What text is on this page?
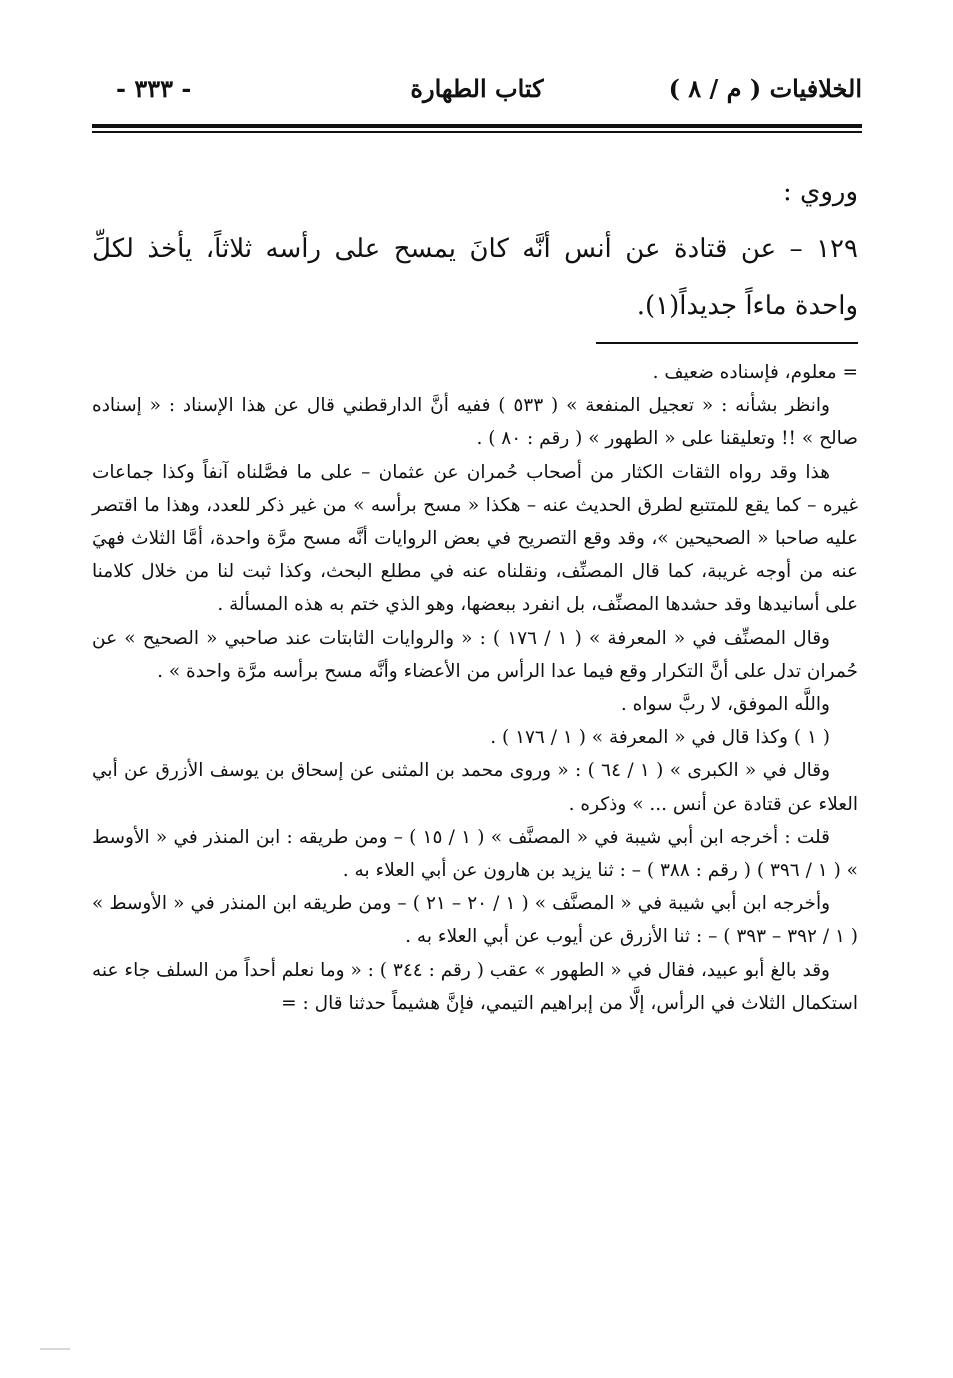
الخلافيات ( م / ٨ )
كتاب الطهارة
- ٣٣٣ -

وروي :

١٢٩ – عن قتادة عن أنس أنَّه كانَ يمسح على رأسه ثلاثاً، يأخذ لكلِّ واحدة ماءاً جديداً(١).

= معلوم، فإسناده ضعيف .

وانظر بشأنه : « تعجيل المنفعة » ( ٥٣٣ ) ففيه أنَّ الدارقطني قال عن هذا الإسناد : « إسناده صالح » !! وتعليقنا على « الطهور » ( رقم : ٨٠ ) .

هذا وقد رواه الثقات الكثار من أصحاب حُمران عن عثمان – على ما فصَّلناه آنفاً وكذا جماعات غيره – كما يقع للمتتبع لطرق الحديث عنه – هكذا « مسح برأسه » من غير ذكر للعدد، وهذا ما اقتصر عليه صاحبا « الصحيحين »، وقد وقع التصريح في بعض الروايات أنَّه مسح مرَّة واحدة، أمَّا الثلاث فهيَ عنه من أوجه غريبة، كما قال المصنِّف، ونقلناه عنه في مطلع البحث، وكذا ثبت لنا من خلال كلامنا على أسانيدها وقد حشدها المصنِّف، بل انفرد ببعضها، وهو الذي ختم به هذه المسألة .

وقال المصنِّف في « المعرفة » ( ١ / ١٧٦ ) : « والروايات الثابتات عند صاحبي « الصحيح » عن حُمران تدل على أنَّ التكرار وقع فيما عدا الرأس من الأعضاء وأنَّه مسح برأسه مرَّة واحدة » .

واللَّه الموفق، لا ربَّ سواه .

( ١ ) وكذا قال في « المعرفة » ( ١ / ١٧٦ ) .

وقال في « الكبرى » ( ١ / ٦٤ ) : « وروى محمد بن المثنى عن إسحاق بن يوسف الأزرق عن أبي العلاء عن قتادة عن أنس ... » وذكره .

قلت : أخرجه ابن أبي شيبة في « المصنَّف » ( ١ / ١٥ ) – ومن طريقه : ابن المنذر في « الأوسط » ( ١ / ٣٩٦ ) ( رقم : ٣٨٨ ) – : ثنا يزيد بن هارون عن أبي العلاء به .

وأخرجه ابن أبي شيبة في « المصنَّف » ( ١ / ٢٠ – ٢١ ) – ومن طريقه ابن المنذر في « الأوسط » ( ١ / ٣٩٢ – ٣٩٣ ) – : ثنا الأزرق عن أيوب عن أبي العلاء به .

وقد بالغ أبو عبيد، فقال في « الطهور » عقب ( رقم : ٣٤٤ ) : « وما نعلم أحداً من السلف جاء عنه استكمال الثلاث في الرأس، إلَّا من إبراهيم التيمي، فإنَّ هشيماً حدثنا قال : =
